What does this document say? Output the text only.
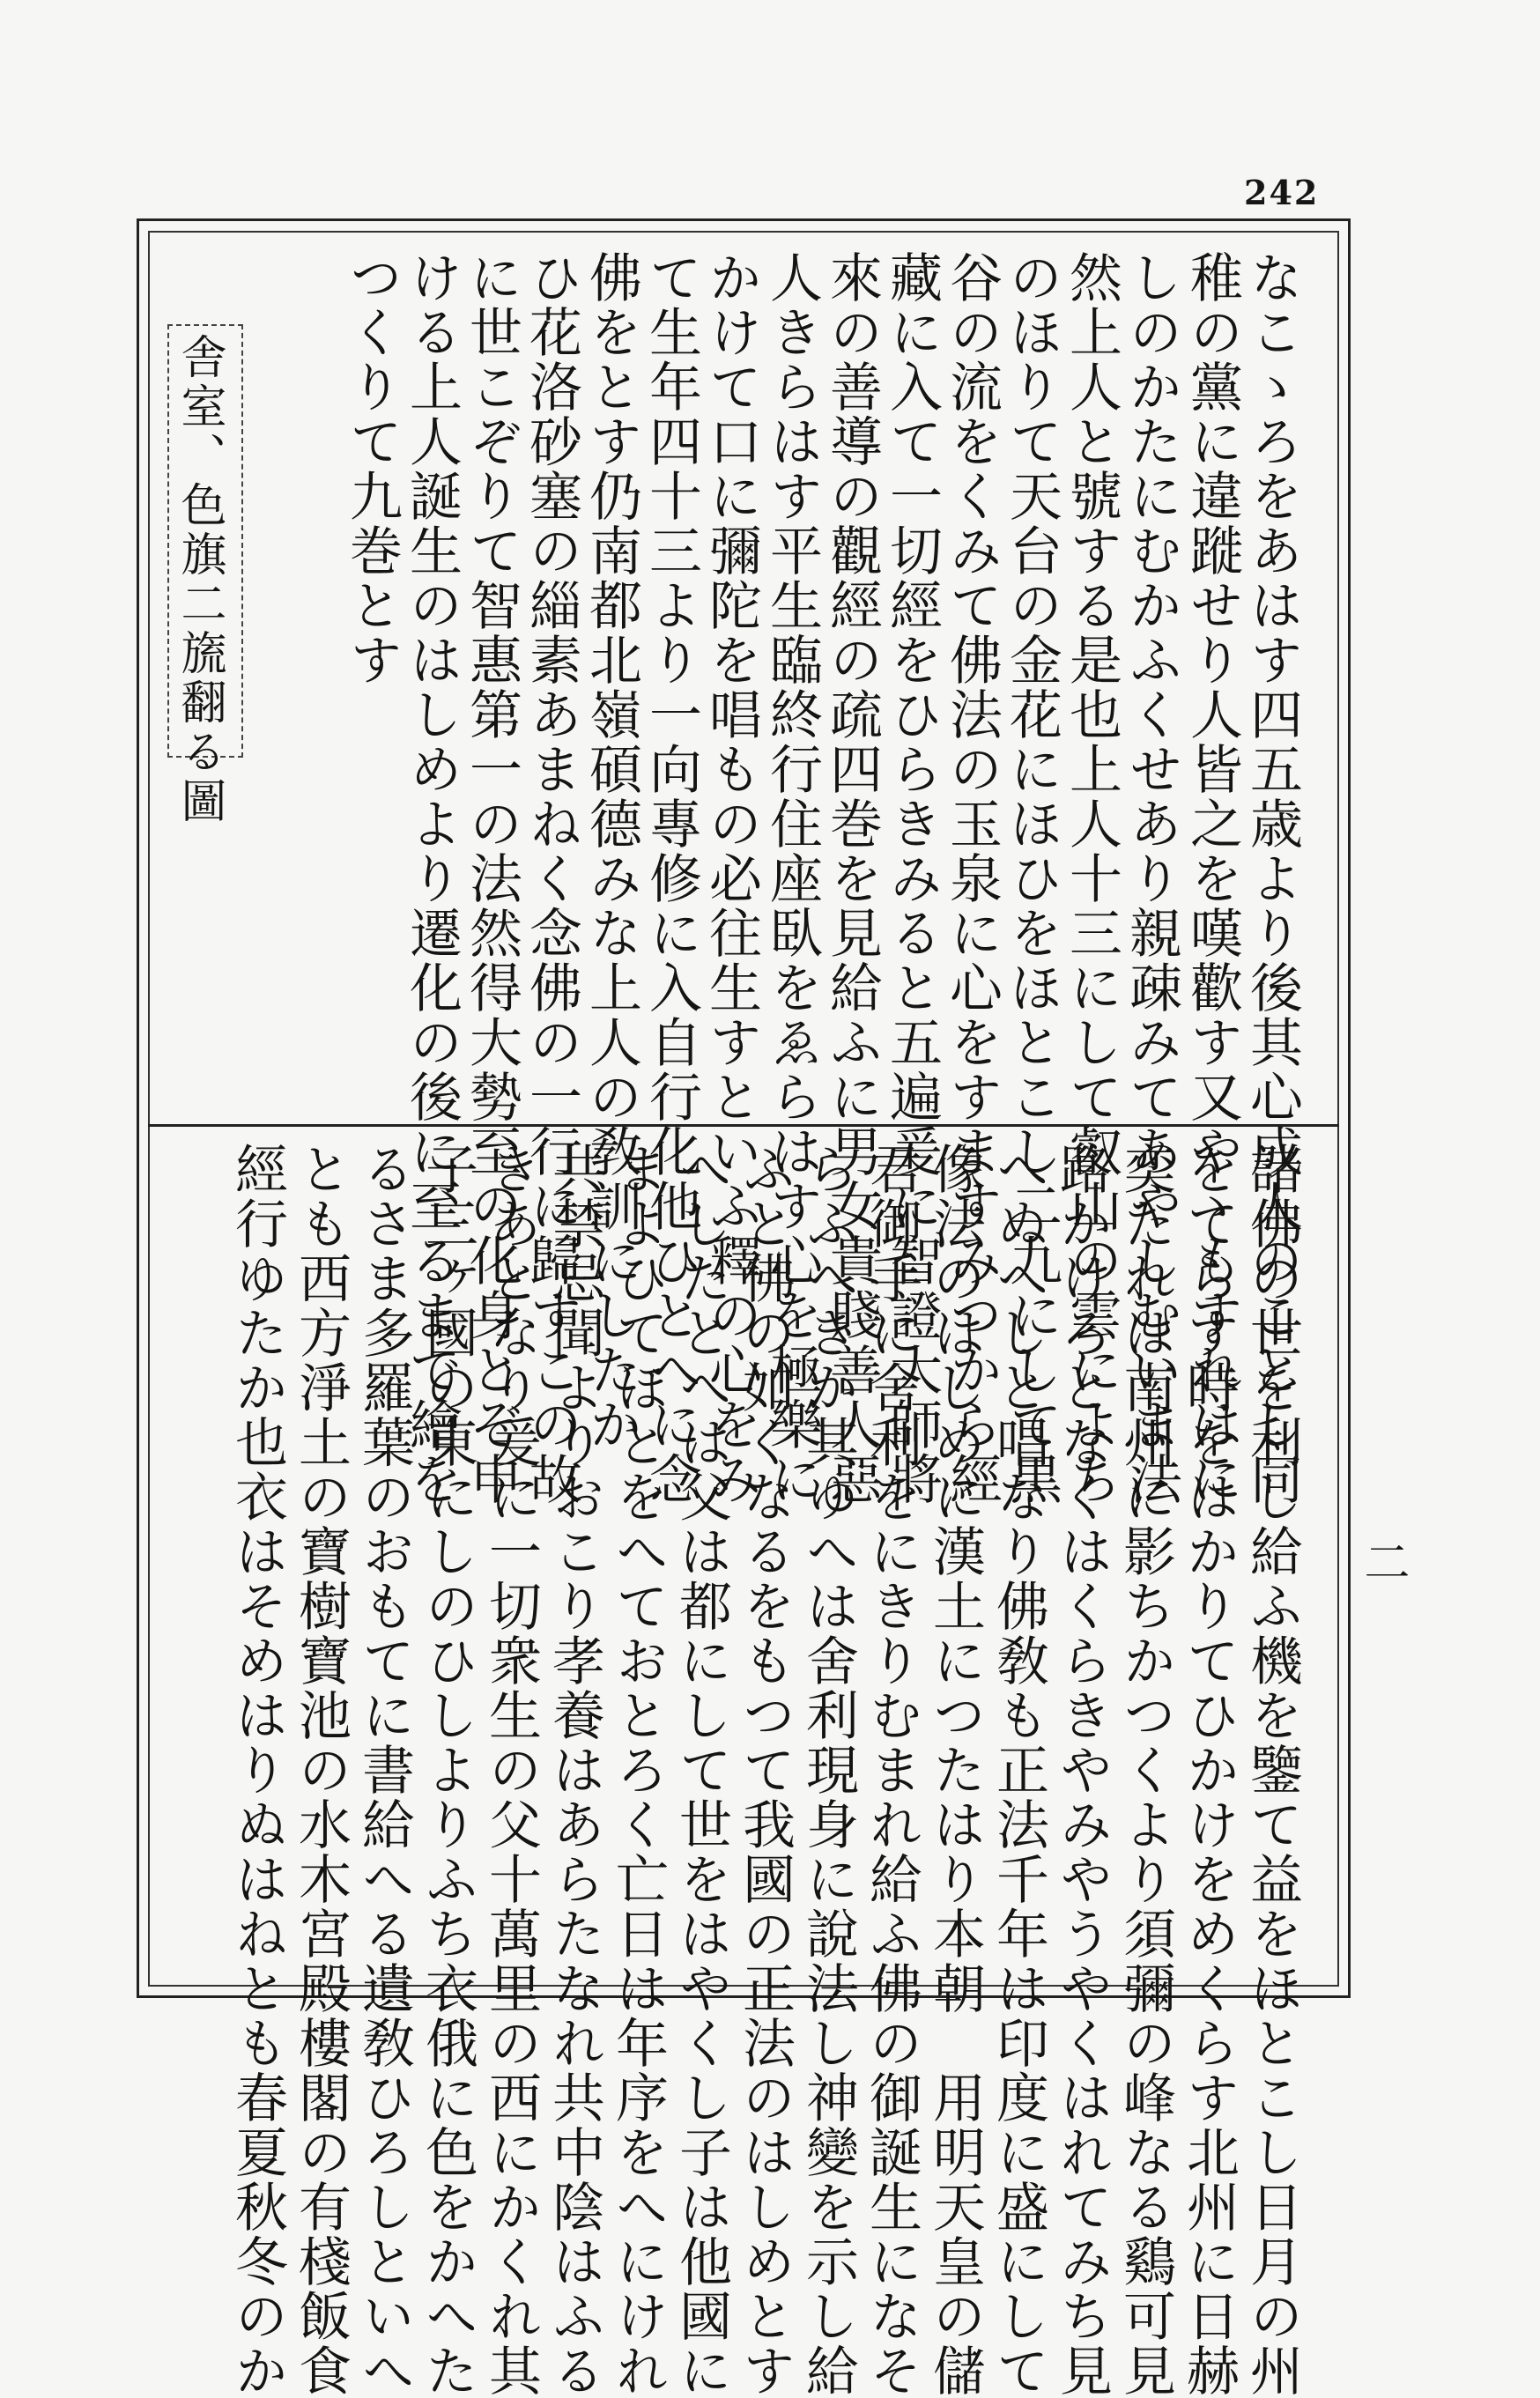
242
舎室、色旗二旒翻る圖	なこゝろをあはす四五歳より後其心成人のことし同
稚の黨に違蹝せり人皆之を嘆歡す又やゝもすれはに
しのかたにむかふくせあり親疎みてあやしむいま法
然上人と號する是也上人十三にして叡山の雲によち
のほりて天台の金花にほひをほとこし二九にして黒
谷の流をくみて佛法の玉泉に心をすますみつから經
藏に入て一切經をひらきみると五遍爰に智證大師將
來の善導の觀經の疏四巻を見給ふに男女貴賤善人惡
人きらはす平生臨終行住座臥をゑらはす心を極樂に
かけて口に彌陀を唱もの必往生すといふ釋の心をみ
て生年四十三より一向專修に入自行化他ひとへに念
佛をとす仍南都北嶺碩德みな上人の敎訓にしたか
ひ花洛砂塞の緇素あまねく念佛の一行に歸すこの故
に世こぞりて智惠第一の法然得大勢至の化身とぞ申
ける上人誕生のはしめより遷化の後に至るまで繪を
つくりて九巻とす
諸佛の世を利し給ふ機を鑒て益をほとこし日月の州
をてらす時をはかりてひかけをめくらす北州に日赫
奕たれは南州に影ちかつくより須彌の峰なる鷄可見
路かけろとなくはくらきやみやうやくはれてみち見
へぬへしと唱なり佛敎も正法千年は印度に盛にして
像法のはしめに漢土につたはり本朝　用明天皇の儲
君御手に舍利をにきりむまれ給ふ佛の御誕生になそ
らふへきか其ゆへは舍利現身に說法し神變を示し給
ふと佛の如くなるをもつて我國の正法のはしめとす
へしたとへは父は都にして世をはやくし子は他國に
まよひてほとをへておとろく亡日は年序をへにけれ
共禁忌聞よりおこり孝養はあらたなれ共中陰はふる
きあとなり爰に一切衆生の父十萬里の西にかくれ其
子三ヶ國の東にしのひしよりふち衣俄に色をかへた
るさま多羅葉のおもてに書給へる遺敎ひろしといへ
とも西方淨土の寶樹寶池の水木宮殿樓閣の有棧飯食
經行ゆたか也衣はそめはりぬはねとも春夏秋冬のか	二
